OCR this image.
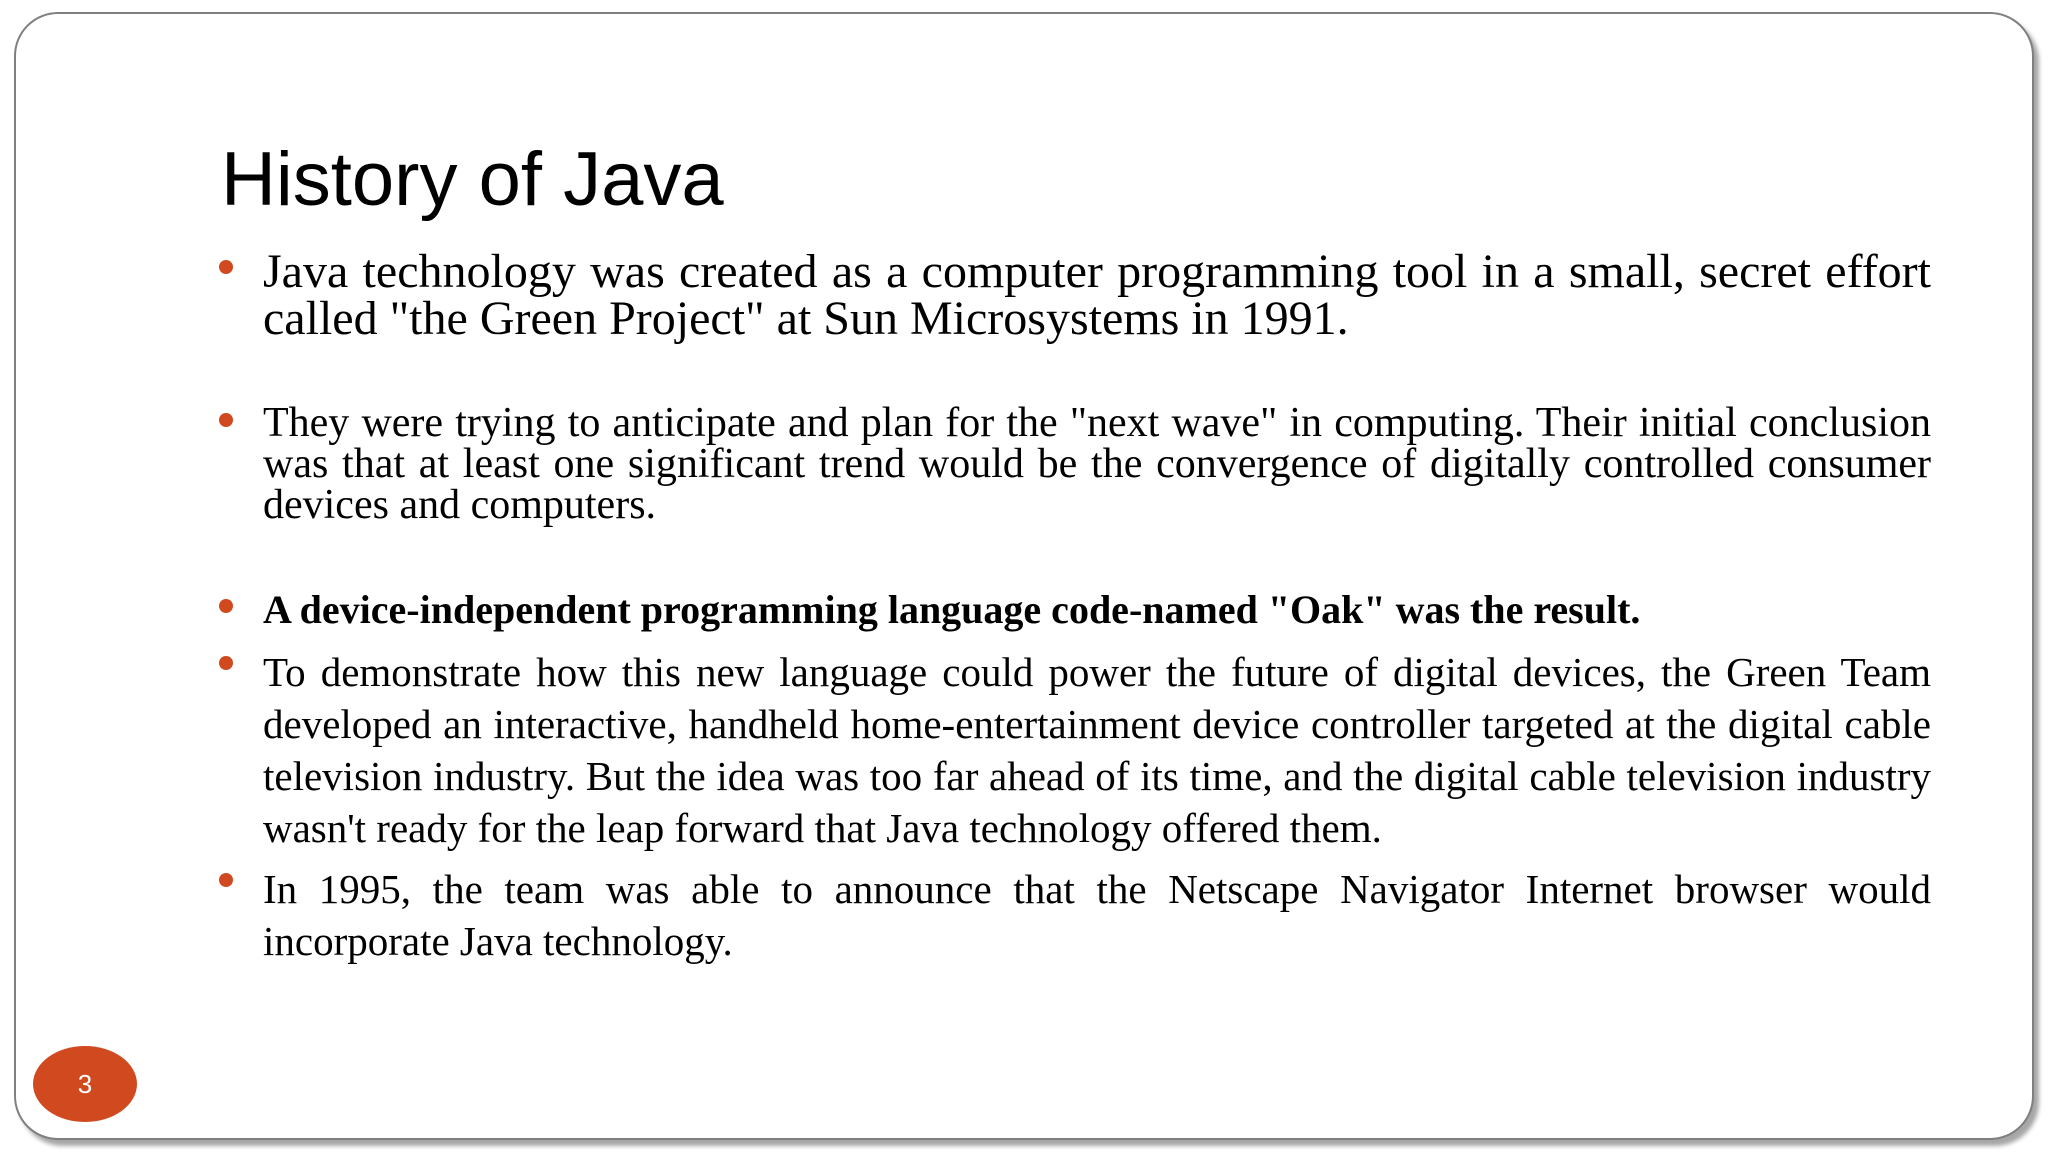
History of Java
Java technology was created as a computer programming tool in a small, secret effort called "the Green Project" at Sun Microsystems in 1991.
They were trying to anticipate and plan for the "next wave" in computing. Their initial conclusion was that at least one significant trend would be the convergence of digitally controlled consumer devices and computers.
A device-independent programming language code-named "Oak" was the result.
To demonstrate how this new language could power the future of digital devices, the Green Team developed an interactive, handheld home-entertainment device controller targeted at the digital cable television industry. But the idea was too far ahead of its time, and the digital cable television industry wasn't ready for the leap forward that Java technology offered them.
In 1995, the team was able to announce that the Netscape Navigator Internet browser would incorporate Java technology.
3
